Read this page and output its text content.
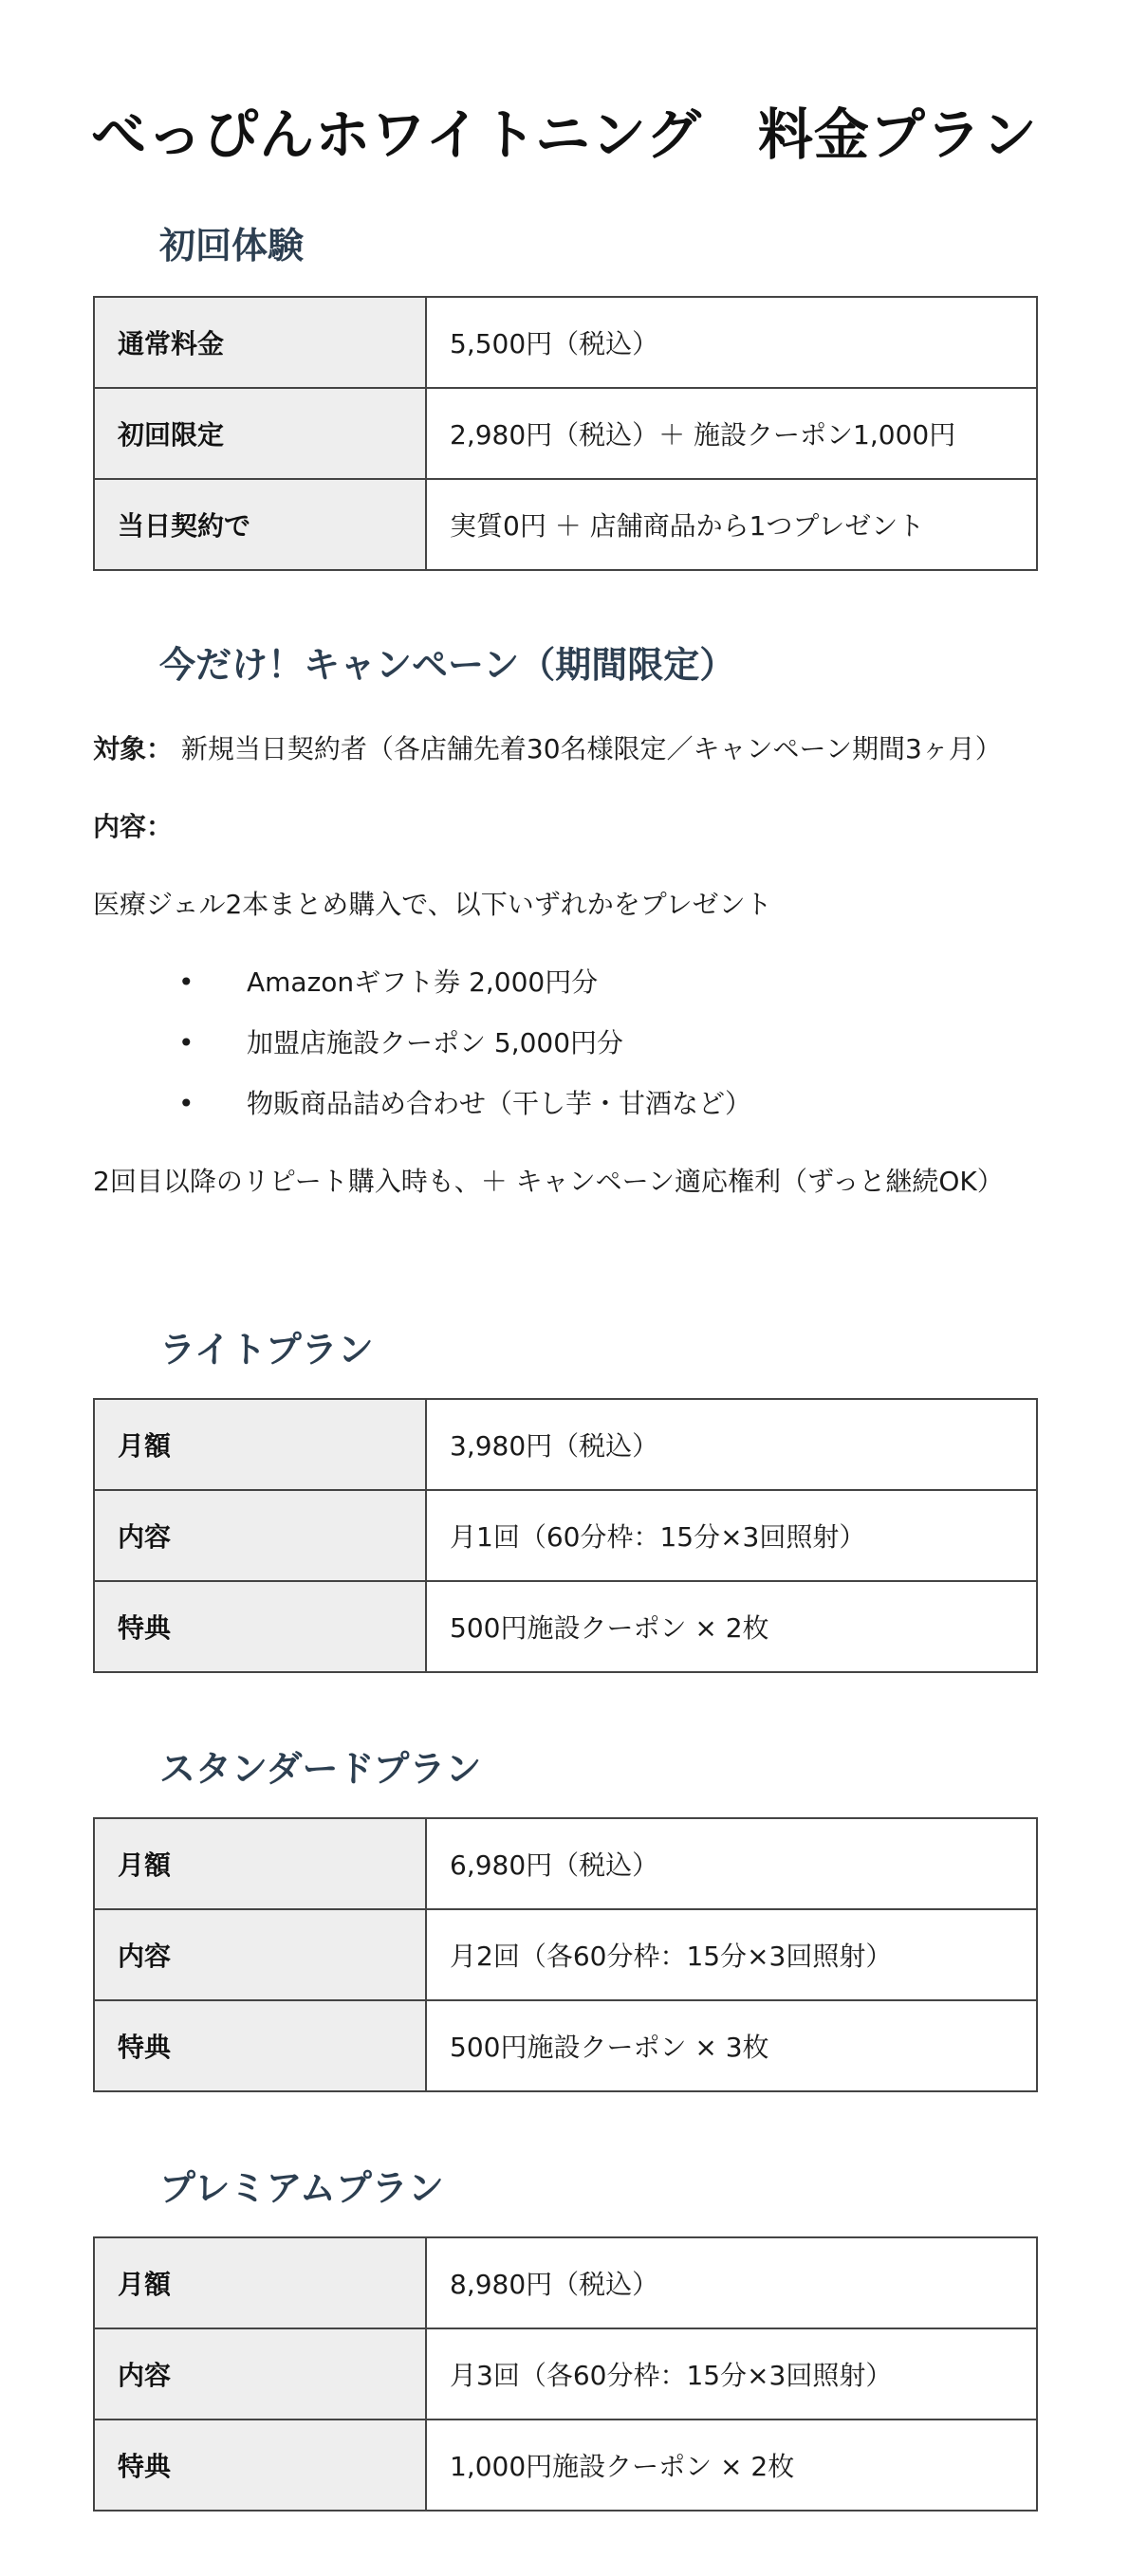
べっぴんホワイトニング　料金プラン
初回体験
通常料金	5,500円（税込）
初回限定	2,980円（税込）＋ 施設クーポン1,000円
当日契約で	実質0円 ＋ 店舗商品から1つプレゼント
今だけ！キャンペーン（期間限定）
対象： 新規当日契約者（各店舗先着30名様限定／キャンペーン期間3ヶ月）
内容：
医療ジェル2本まとめ購入で、以下いずれかをプレゼント
• Amazonギフト券 2,000円分
• 加盟店施設クーポン 5,000円分
• 物販商品詰め合わせ（干し芋・甘酒など）
2回目以降のリピート購入時も、＋ キャンペーン適応権利（ずっと継続OK）
ライトプラン
月額	3,980円（税込）
内容	月1回（60分枠：15分×3回照射）
特典	500円施設クーポン × 2枚
スタンダードプラン
月額	6,980円（税込）
内容	月2回（各60分枠：15分×3回照射）
特典	500円施設クーポン × 3枚
プレミアムプラン
月額	8,980円（税込）
内容	月3回（各60分枠：15分×3回照射）
特典	1,000円施設クーポン × 2枚
